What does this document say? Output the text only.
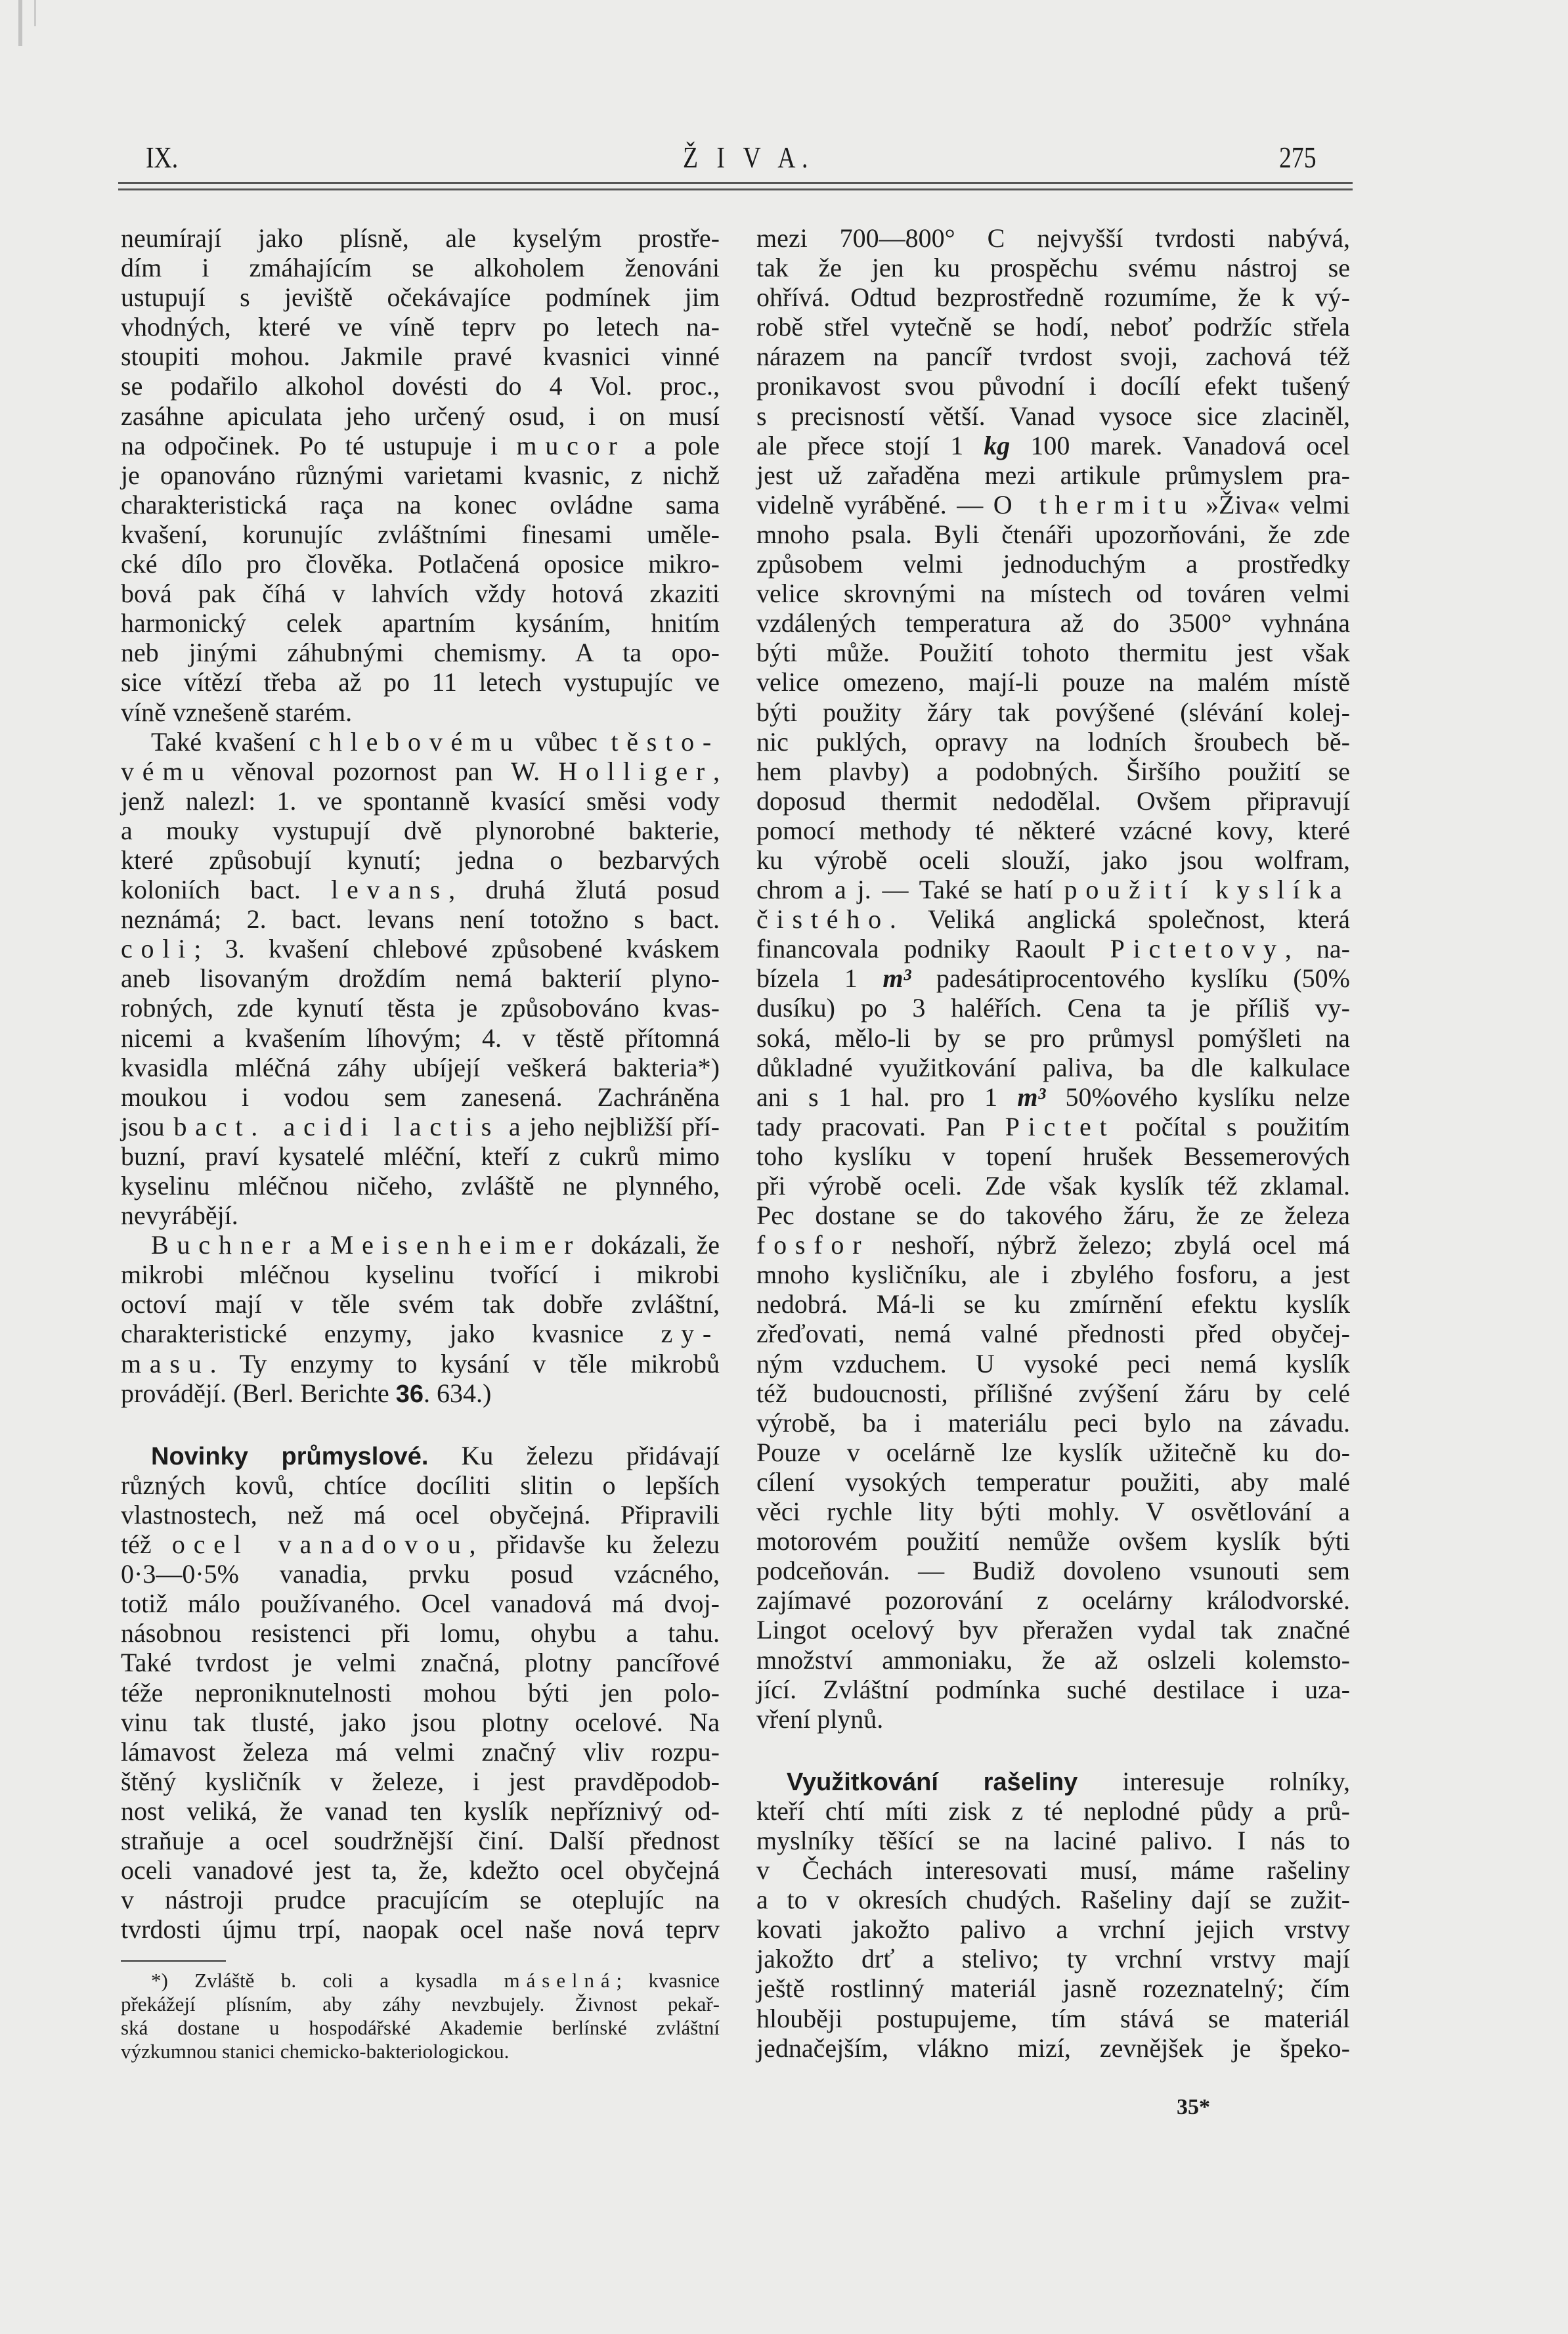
IX.	Ž I V A.	275
neumírají jako plísně, ale kyselým prostře-
dím i zmáhajícím se alkoholem ženováni
ustupují s jeviště očekávajíce podmínek jim
vhodných, které ve víně teprv po letech na-
stoupiti mohou. Jakmile pravé kvasnici vinné
se podařilo alkohol dovésti do 4 Vol. proc.,
zasáhne apiculata jeho určený osud, i on musí
na odpočinek. Po té ustupuje i mucor a pole
je opanováno různými varietami kvasnic, z nichž
charakteristická raça na konec ovládne sama
kvašení, korunujíc zvláštními finesami uměle-
cké dílo pro člověka. Potlačená oposice mikro-
bová pak číhá v lahvích vždy hotová zkaziti
harmonický celek apartním kysáním, hnitím
neb jinými záhubnými chemismy. A ta opo-
sice vítězí třeba až po 11 letech vystupujíc ve
víně vznešeně starém.
Také kvašení chlebovému vůbec těsto-
vému věnoval pozornost pan W. Holliger,
jenž nalezl: 1. ve spontanně kvasící směsi vody
a mouky vystupují dvě plynorobné bakterie,
které způsobují kynutí; jedna o bezbarvých
koloniích bact. levans, druhá žlutá posud
neznámá; 2. bact. levans není totožno s bact.
coli; 3. kvašení chlebové způsobené kváskem
aneb lisovaným droždím nemá bakterií plyno-
robných, zde kynutí těsta je způsobováno kvas-
nicemi a kvašením líhovým; 4. v těstě přítomná
kvasidla mléčná záhy ubíjejí veškerá bakteria*)
moukou i vodou sem zanesená. Zachráněna
jsou bact. acidi lactis a jeho nejbližší pří-
buzní, praví kysatelé mléční, kteří z cukrů mimo
kyselinu mléčnou ničeho, zvláště ne plynného,
nevyrábějí.
Buchner a Meisenheimer dokázali, že
mikrobi mléčnou kyselinu tvořící i mikrobi
octoví mají v těle svém tak dobře zvláštní,
charakteristické enzymy, jako kvasnice zy-
masu. Ty enzymy to kysání v těle mikrobů
provádějí. (Berl. Berichte 36. 634.)
Novinky průmyslové. Ku železu přidávají
různých kovů, chtíce docíliti slitin o lepších
vlastnostech, než má ocel obyčejná. Připravili
též ocel vanadovou, přidavše ku železu
0·3—0·5% vanadia, prvku posud vzácného,
totiž málo používaného. Ocel vanadová má dvoj-
násobnou resistenci při lomu, ohybu a tahu.
Také tvrdost je velmi značná, plotny pancířové
téže neproniknutelnosti mohou býti jen polo-
vinu tak tlusté, jako jsou plotny ocelové. Na
lámavost železa má velmi značný vliv rozpu-
štěný kysličník v železe, i jest pravděpodob-
nost veliká, že vanad ten kyslík nepříznivý od-
straňuje a ocel soudržnější činí. Další přednost
oceli vanadové jest ta, že, kdežto ocel obyčejná
v nástroji prudce pracujícím se oteplujíc na
tvrdosti újmu trpí, naopak ocel naše nová teprv
mezi 700—800° C nejvyšší tvrdosti nabývá,
tak že jen ku prospěchu svému nástroj se
ohřívá. Odtud bezprostředně rozumíme, že k vý-
robě střel vytečně se hodí, neboť podržíc střela
nárazem na pancíř tvrdost svoji, zachová též
pronikavost svou původní i docílí efekt tušený
s precisností větší. Vanad vysoce sice zlaciněl,
ale přece stojí 1 kg 100 marek. Vanadová ocel
jest už zařaděna mezi artikule průmyslem pra-
videlně vyráběné. — O thermitu »Živa« velmi
mnoho psala. Byli čtenáři upozorňováni, že zde
způsobem velmi jednoduchým a prostředky
velice skrovnými na místech od továren velmi
vzdálených temperatura až do 3500° vyhnána
býti může. Použití tohoto thermitu jest však
velice omezeno, mají-li pouze na malém místě
býti použity žáry tak povýšené (slévání kolej-
nic puklých, opravy na lodních šroubech bě-
hem plavby) a podobných. Širšího použití se
doposud thermit nedodělal. Ovšem připravují
pomocí methody té některé vzácné kovy, které
ku výrobě oceli slouží, jako jsou wolfram,
chrom a j. — Také se hatí použití kyslíka
čistého. Veliká anglická společnost, která
financovala podniky Raoult Pictetovy, na-
bízela 1 m³ padesátiprocentového kyslíku (50%
dusíku) po 3 haléřích. Cena ta je příliš vy-
soká, mělo-li by se pro průmysl pomýšleti na
důkladné využitkování paliva, ba dle kalkulace
ani s 1 hal. pro 1 m³ 50%ového kyslíku nelze
tady pracovati. Pan Pictet počítal s použitím
toho kyslíku v topení hrušek Bessemerových
při výrobě oceli. Zde však kyslík též zklamal.
Pec dostane se do takového žáru, že ze železa
fosfor neshoří, nýbrž železo; zbylá ocel má
mnoho kysličníku, ale i zbylého fosforu, a jest
nedobrá. Má-li se ku zmírnění efektu kyslík
zřeďovati, nemá valné přednosti před obyčej-
ným vzduchem. U vysoké peci nemá kyslík
též budoucnosti, přílišné zvýšení žáru by celé
výrobě, ba i materiálu peci bylo na závadu.
Pouze v ocelárně lze kyslík užitečně ku do-
cílení vysokých temperatur použiti, aby malé
věci rychle lity býti mohly. V osvětlování a
motorovém použití nemůže ovšem kyslík býti
podceňován. — Budiž dovoleno vsunouti sem
zajímavé pozorování z ocelárny králodvorské.
Lingot ocelový byv přeražen vydal tak značné
množství ammoniaku, že až oslzeli kolemsto-
jící. Zvláštní podmínka suché destilace i uza-
vření plynů.
Využitkování rašeliny interesuje rolníky,
kteří chtí míti zisk z té neplodné půdy a prů-
myslníky těšící se na laciné palivo. I nás to
v Čechách interesovati musí, máme rašeliny
a to v okresích chudých. Rašeliny dají se zužit-
kovati jakožto palivo a vrchní jejich vrstvy
jakožto drť a stelivo; ty vrchní vrstvy mají
ještě rostlinný materiál jasně rozeznatelný; čím
hlouběji postupujeme, tím stává se materiál
jednačejším, vlákno mizí, zevnějšek je špeko-
*) Zvláště b. coli a kysadla máselná; kvasnice
překážejí plísním, aby záhy nevzbujely. Živnost pekař-
ská dostane u hospodářské Akademie berlínské zvláštní
výzkumnou stanici chemicko-bakteriologickou.
35*
